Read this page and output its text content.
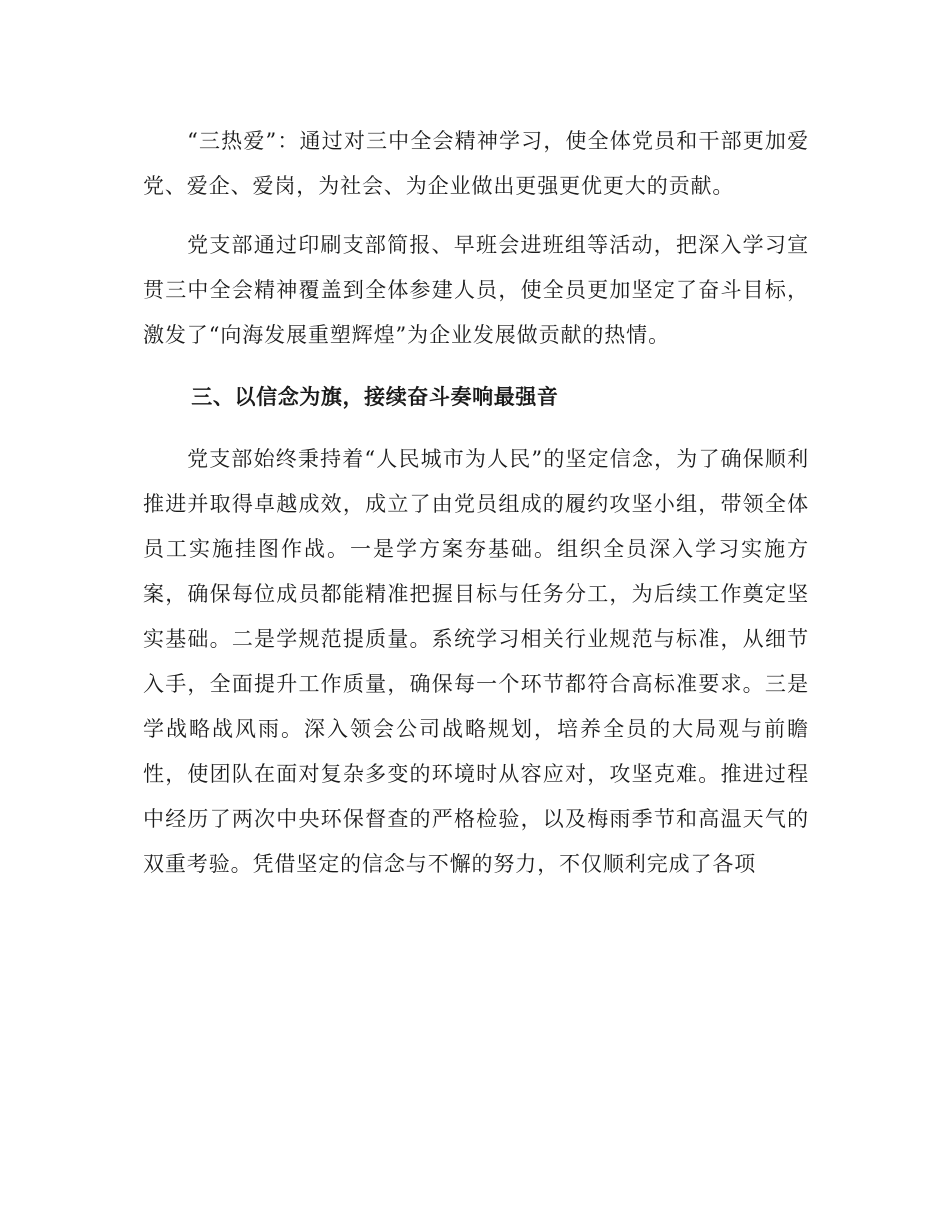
“三热爱”：通过对三中全会精神学习，使全体党员和干部更加爱党、爱企、爱岗，为社会、为企业做出更强更优更大的贡献。

党支部通过印刷支部简报、早班会进班组等活动，把深入学习宣贯三中全会精神覆盖到全体参建人员，使全员更加坚定了奋斗目标，激发了“向海发展重塑辉煌”为企业发展做贡献的热情。

三、以信念为旗，接续奋斗奏响最强音

党支部始终秉持着“人民城市为人民”的坚定信念，为了确保顺利推进并取得卓越成效，成立了由党员组成的履约攻坚小组，带领全体员工实施挂图作战。一是学方案夯基础。组织全员深入学习实施方案，确保每位成员都能精准把握目标与任务分工，为后续工作奠定坚实基础。二是学规范提质量。系统学习相关行业规范与标准，从细节入手，全面提升工作质量，确保每一个环节都符合高标准要求。三是学战略战风雨。深入领会公司战略规划，培养全员的大局观与前瞻性，使团队在面对复杂多变的环境时从容应对，攻坚克难。推进过程中经历了两次中央环保督查的严格检验，以及梅雨季节和高温天气的双重考验。凭借坚定的信念与不懈的努力，不仅顺利完成了各项
